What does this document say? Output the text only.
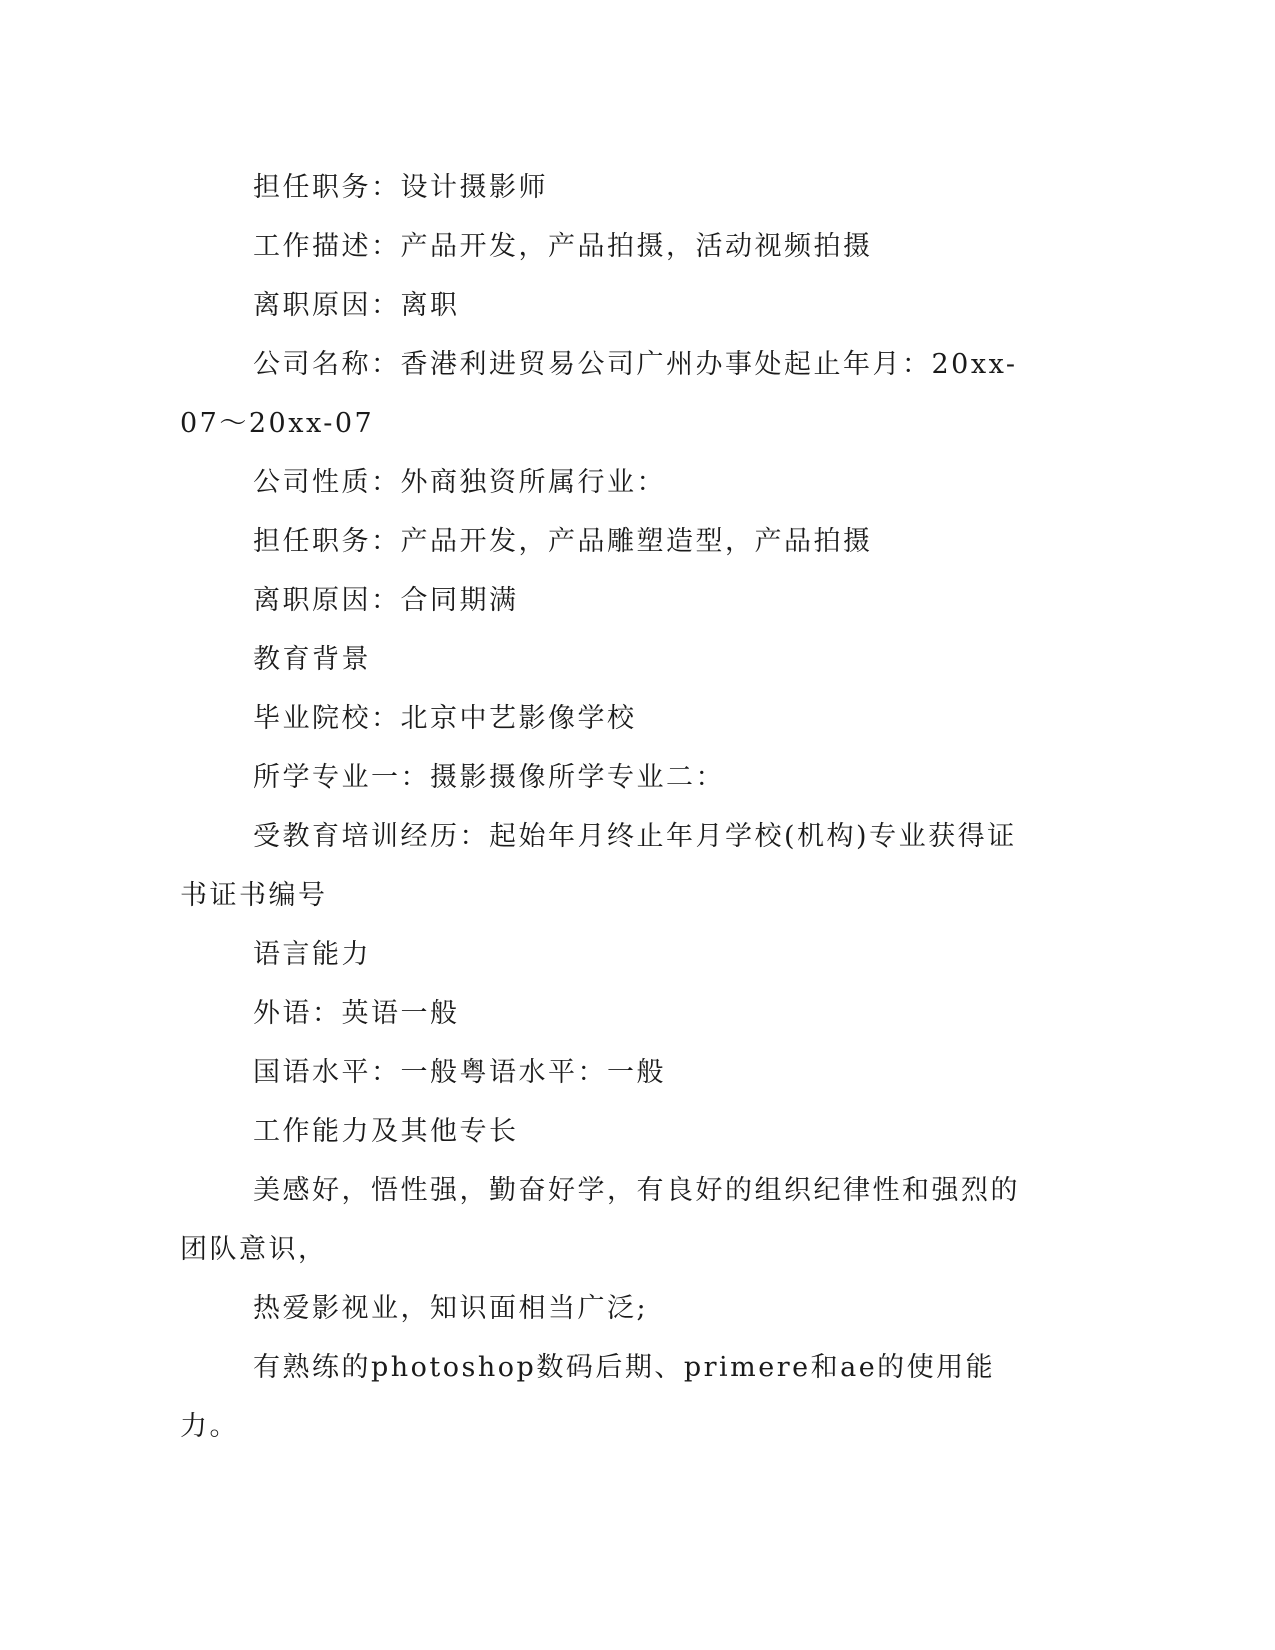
担任职务：设计摄影师

工作描述：产品开发，产品拍摄，活动视频拍摄

离职原因：离职

公司名称：香港利进贸易公司广州办事处起止年月：20xx-07～20xx-07

公司性质：外商独资所属行业：

担任职务：产品开发，产品雕塑造型，产品拍摄

离职原因：合同期满

教育背景

毕业院校：北京中艺影像学校

所学专业一：摄影摄像所学专业二：

受教育培训经历：起始年月终止年月学校(机构)专业获得证书证书编号

语言能力

外语：英语一般

国语水平：一般粤语水平：一般

工作能力及其他专长

美感好，悟性强，勤奋好学，有良好的组织纪律性和强烈的团队意识，

热爱影视业，知识面相当广泛;

有熟练的photoshop数码后期、primere和ae的使用能力。
